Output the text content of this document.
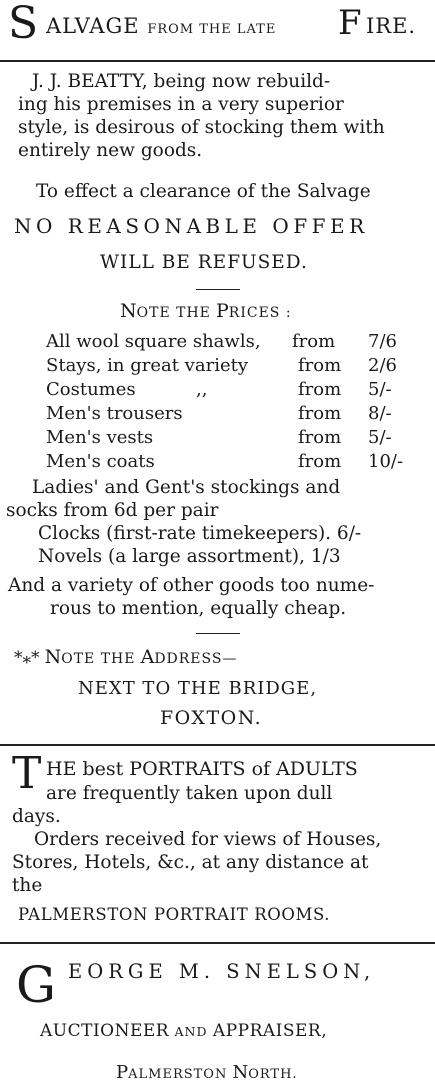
S ALVAGE FROM THE LATE F IRE.
J. J. BEATTY, being now rebuild-
ing his premises in a very superior
style, is desirous of stocking them with
entirely new goods.
To effect a clearance of the Salvage
NO REASONABLE OFFER
WILL BE REFUSED.
NOTE THE PRICES :
All wool square shawls, from 7/6
Stays, in great variety	from 2/6
Costumes	,,	from 5/-
Men's trousers	from 8/-
Men's vests	from 5/-
Men's coats	from 10/-
Ladies' and Gent's stockings and
socks from 6d per pair
Clocks (first-rate timekeepers). 6/-
Novels (a large assortment), 1/3
And a variety of other goods too nume-
rous to mention, equally cheap.
*⁎* NOTE THE ADDRESS—
NEXT TO THE BRIDGE,
FOXTON.
T HE best PORTRAITS of ADULTS
are frequently taken upon dull
days.
Orders received for views of Houses,
Stores, Hotels, &c., at any distance at
the
PALMERSTON PORTRAIT ROOMS.
G EORGE M. SNELSON,
AUCTIONEER AND APPRAISER,
PALMERSTON NORTH.
